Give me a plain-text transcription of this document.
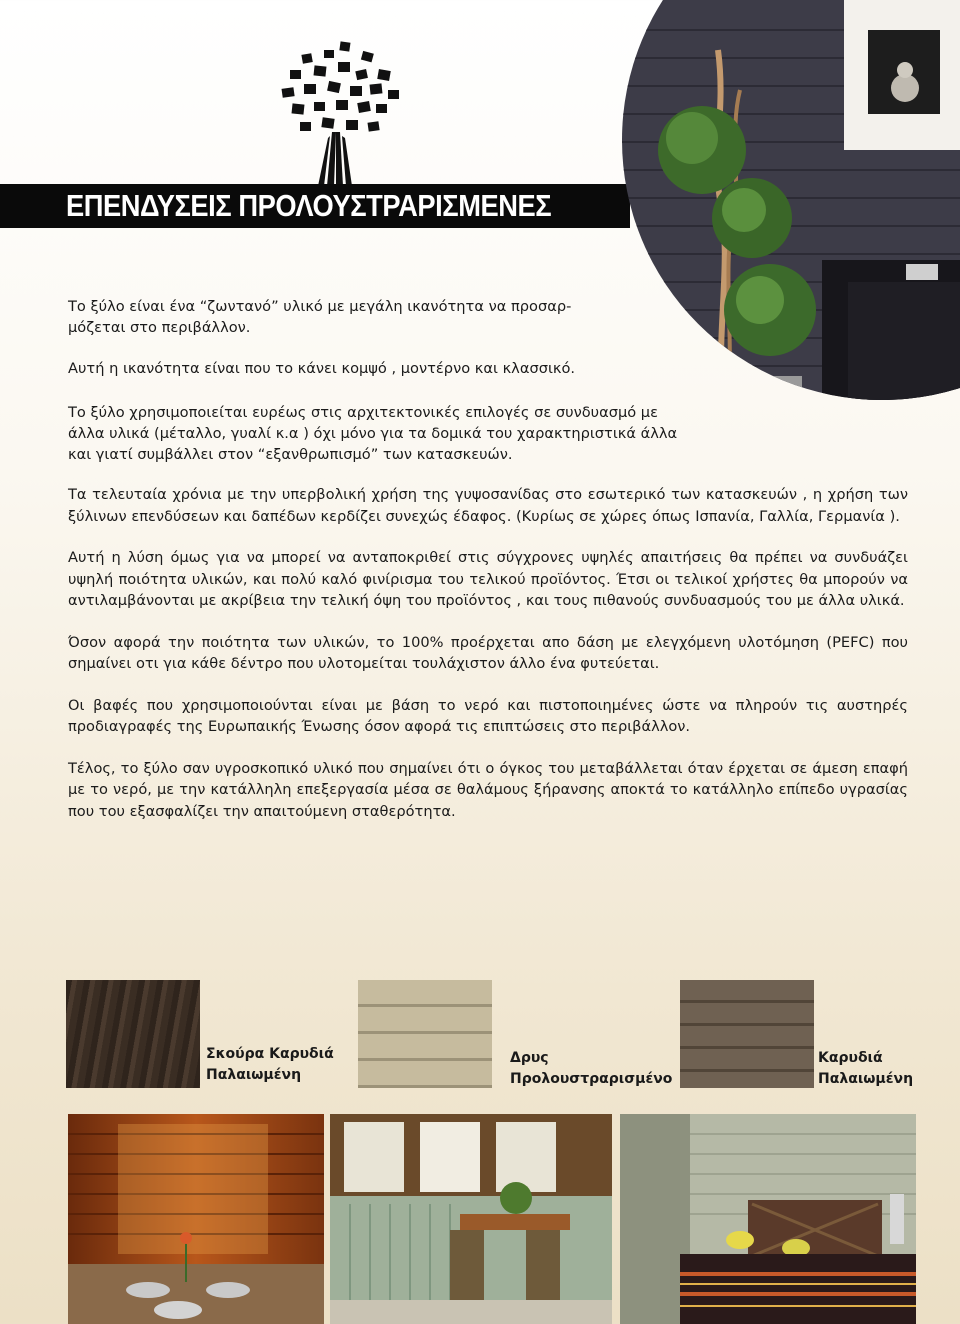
ΕΠΕΝΔΥΣΕΙΣ ΠΡΟΛΟΥΣΤΡΑΡΙΣΜΕΝΕΣ

Το ξύλο είναι ένα “ζωντανό” υλικό με μεγάλη ικανότητα να προσαρ-

μόζεται στο περιβάλλον.

Αυτή η ικανότητα είναι που το κάνει κομψό , μοντέρνο και κλασσικό.

Το ξύλο χρησιμοποιείται ευρέως στις αρχιτεκτονικές επιλογές σε συνδυασμό με

άλλα υλικά (μέταλλο, γυαλί κ.α ) όχι μόνο για τα δομικά του χαρακτηριστικά άλλα

και γιατί συμβάλλει στον “εξανθρωπισμό” των κατασκευών.

Τα τελευταία χρόνια με την υπερβολική χρήση της γυψοσανίδας στο εσωτερικό των κατασκευών , η χρήση των ξύλινων επενδύσεων και δαπέδων κερδίζει συνεχώς έδαφος. (Κυρίως σε χώρες όπως Ισπανία, Γαλλία, Γερμανία ).

Αυτή η λύση όμως για να μπορεί να ανταποκριθεί στις σύγχρονες υψηλές απαιτήσεις θα πρέπει να συνδυάζει υψηλή ποιότητα υλικών, και πολύ καλό φινίρισμα του τελικού προϊόντος. Έτσι οι τελικοί χρήστες θα μπορούν να αντιλαμβάνονται με ακρίβεια την τελική όψη του προϊόντος , και τους πιθανούς συνδυασμούς του με άλλα υλικά.

Όσον αφορά την ποιότητα των υλικών, το 100% προέρχεται απο δάση με ελεγχόμενη υλοτόμηση (PEFC) που σημαίνει οτι για κάθε δέντρο που υλοτομείται τουλάχιστον άλλο ένα φυτεύεται.

Οι βαφές που χρησιμοποιούνται είναι με βάση το νερό και πιστοποιημένες ώστε να πληρούν τις αυστηρές προδιαγραφές της Ευρωπαικής Ένωσης όσον αφορά τις επιπτώσεις στο περιβάλλον.

Τέλος, το ξύλο σαν υγροσκοπικό υλικό που σημαίνει ότι ο όγκος του μεταβάλλεται όταν έρχεται σε άμεση επαφή με το νερό, με την κατάλληλη επεξεργασία μέσα σε θαλάμους ξήρανσης αποκτά το κατάλληλο επίπεδο υγρασίας που του εξασφαλίζει την απαιτούμενη σταθερότητα.

Σκούρα Καρυδιά
Παλαιωμένη
Δρυς
Προλουστραρισμένο
Καρυδιά
Παλαιωμένη
